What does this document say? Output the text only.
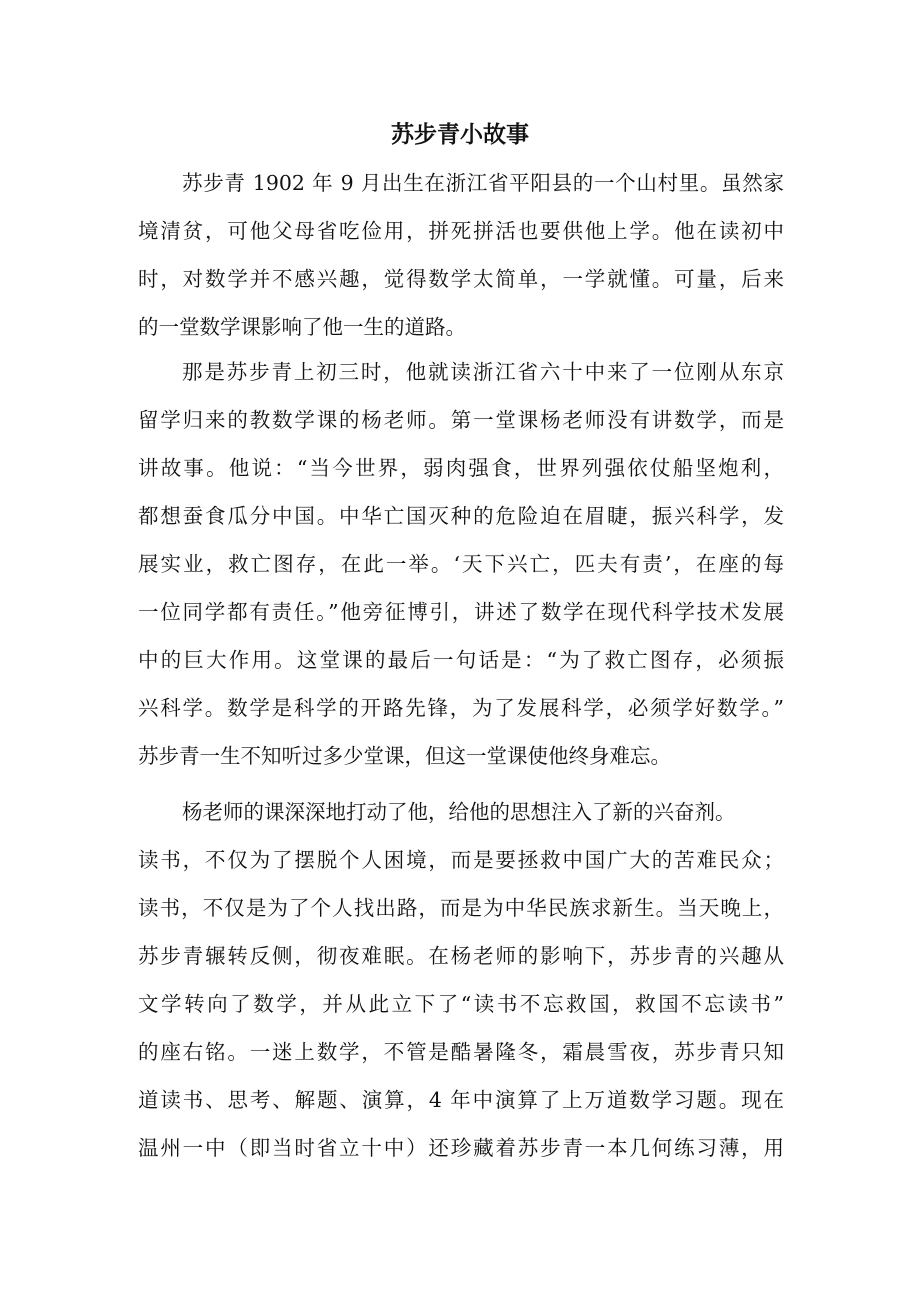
苏步青小故事
苏步青 1902 年 9 月出生在浙江省平阳县的一个山村里。虽然家
境清贫，可他父母省吃俭用，拼死拼活也要供他上学。他在读初中
时，对数学并不感兴趣，觉得数学太简单，一学就懂。可量，后来
的一堂数学课影响了他一生的道路。
那是苏步青上初三时，他就读浙江省六十中来了一位刚从东京
留学归来的教数学课的杨老师。第一堂课杨老师没有讲数学，而是
讲故事。他说：“当今世界，弱肉强食，世界列强依仗船坚炮利，
都想蚕食瓜分中国。中华亡国灭种的危险迫在眉睫，振兴科学，发
展实业，救亡图存，在此一举。‘天下兴亡，匹夫有责’，在座的每
一位同学都有责任。”他旁征博引，讲述了数学在现代科学技术发展
中的巨大作用。这堂课的最后一句话是：“为了救亡图存，必须振
兴科学。数学是科学的开路先锋，为了发展科学，必须学好数学。”
苏步青一生不知听过多少堂课，但这一堂课使他终身难忘。
杨老师的课深深地打动了他，给他的思想注入了新的兴奋剂。
读书，不仅为了摆脱个人困境，而是要拯救中国广大的苦难民众；
读书，不仅是为了个人找出路，而是为中华民族求新生。当天晚上，
苏步青辗转反侧，彻夜难眠。在杨老师的影响下，苏步青的兴趣从
文学转向了数学，并从此立下了“读书不忘救国，救国不忘读书”
的座右铭。一迷上数学，不管是酷暑隆冬，霜晨雪夜，苏步青只知
道读书、思考、解题、演算，4 年中演算了上万道数学习题。现在
温州一中（即当时省立十中）还珍藏着苏步青一本几何练习薄，用
